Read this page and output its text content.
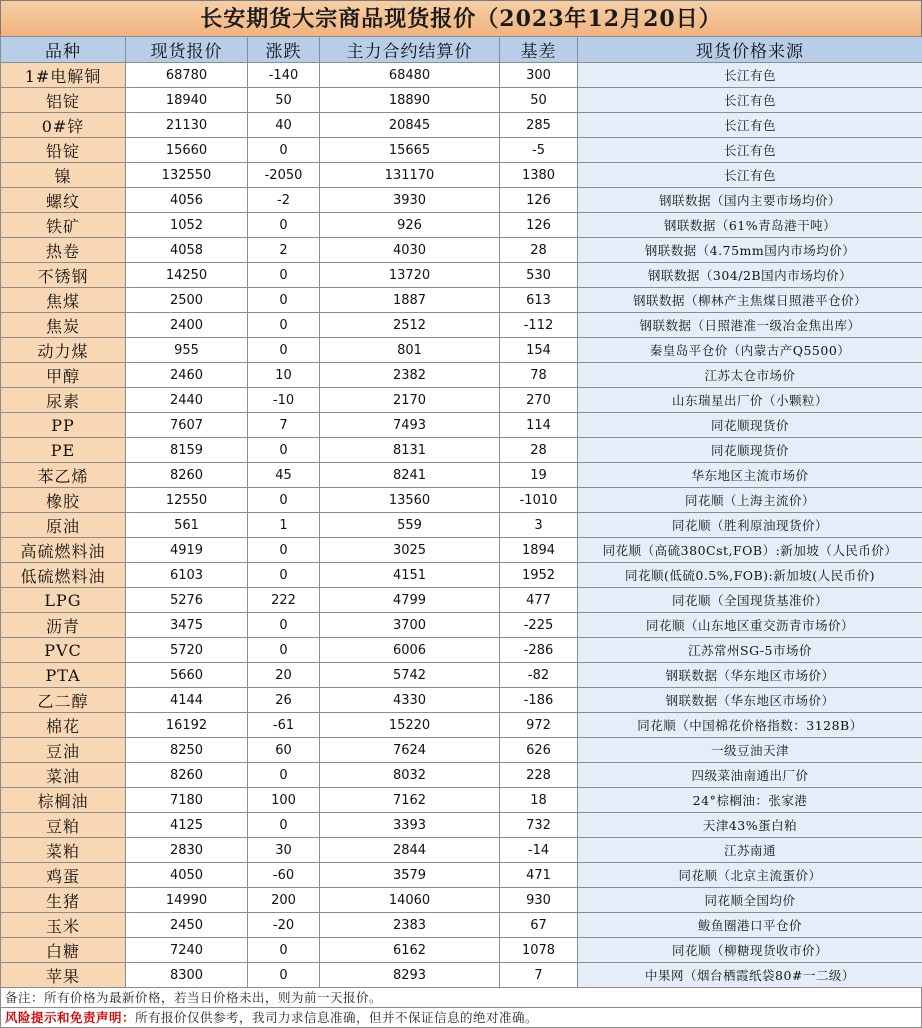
长安期货大宗商品现货报价（2023年12月20日）
品种	现货报价	涨跌	主力合约结算价	基差	现货价格来源
1#电解铜	68780	-140	68480	300	长江有色
铝锭	18940	50	18890	50	长江有色
0#锌	21130	40	20845	285	长江有色
铅锭	15660	0	15665	-5	长江有色
镍	132550	-2050	131170	1380	长江有色
螺纹	4056	-2	3930	126	钢联数据（国内主要市场均价）
铁矿	1052	0	926	126	钢联数据（61%青岛港干吨）
热卷	4058	2	4030	28	钢联数据（4.75mm国内市场均价）
不锈钢	14250	0	13720	530	钢联数据（304/2B国内市场均价）
焦煤	2500	0	1887	613	钢联数据（柳林产主焦煤日照港平仓价）
焦炭	2400	0	2512	-112	钢联数据（日照港准一级冶金焦出库）
动力煤	955	0	801	154	秦皇岛平仓价（内蒙古产Q5500）
甲醇	2460	10	2382	78	江苏太仓市场价
尿素	2440	-10	2170	270	山东瑞星出厂价（小颗粒）
PP	7607	7	7493	114	同花顺现货价
PE	8159	0	8131	28	同花顺现货价
苯乙烯	8260	45	8241	19	华东地区主流市场价
橡胶	12550	0	13560	-1010	同花顺（上海主流价）
原油	561	1	559	3	同花顺（胜利原油现货价）
高硫燃料油	4919	0	3025	1894	同花顺（高硫380Cst,FOB）:新加坡（人民币价）
低硫燃料油	6103	0	4151	1952	同花顺(低硫0.5%,FOB):新加坡(人民币价)
LPG	5276	222	4799	477	同花顺（全国现货基准价）
沥青	3475	0	3700	-225	同花顺（山东地区重交沥青市场价）
PVC	5720	0	6006	-286	江苏常州SG-5市场价
PTA	5660	20	5742	-82	钢联数据（华东地区市场价）
乙二醇	4144	26	4330	-186	钢联数据（华东地区市场价）
棉花	16192	-61	15220	972	同花顺（中国棉花价格指数：3128B）
豆油	8250	60	7624	626	一级豆油天津
菜油	8260	0	8032	228	四级菜油南通出厂价
棕榈油	7180	100	7162	18	24°棕榈油：张家港
豆粕	4125	0	3393	732	天津43%蛋白粕
菜粕	2830	30	2844	-14	江苏南通
鸡蛋	4050	-60	3579	471	同花顺（北京主流蛋价）
生猪	14990	200	14060	930	同花顺全国均价
玉米	2450	-20	2383	67	鲅鱼圈港口平仓价
白糖	7240	0	6162	1078	同花顺（柳糖现货收市价）
苹果	8300	0	8293	7	中果网（烟台栖霞纸袋80#一二级）
备注：所有价格为最新价格，若当日价格未出，则为前一天报价。
风险提示和免责声明：所有报价仅供参考，我司力求信息准确，但并不保证信息的绝对准确。
